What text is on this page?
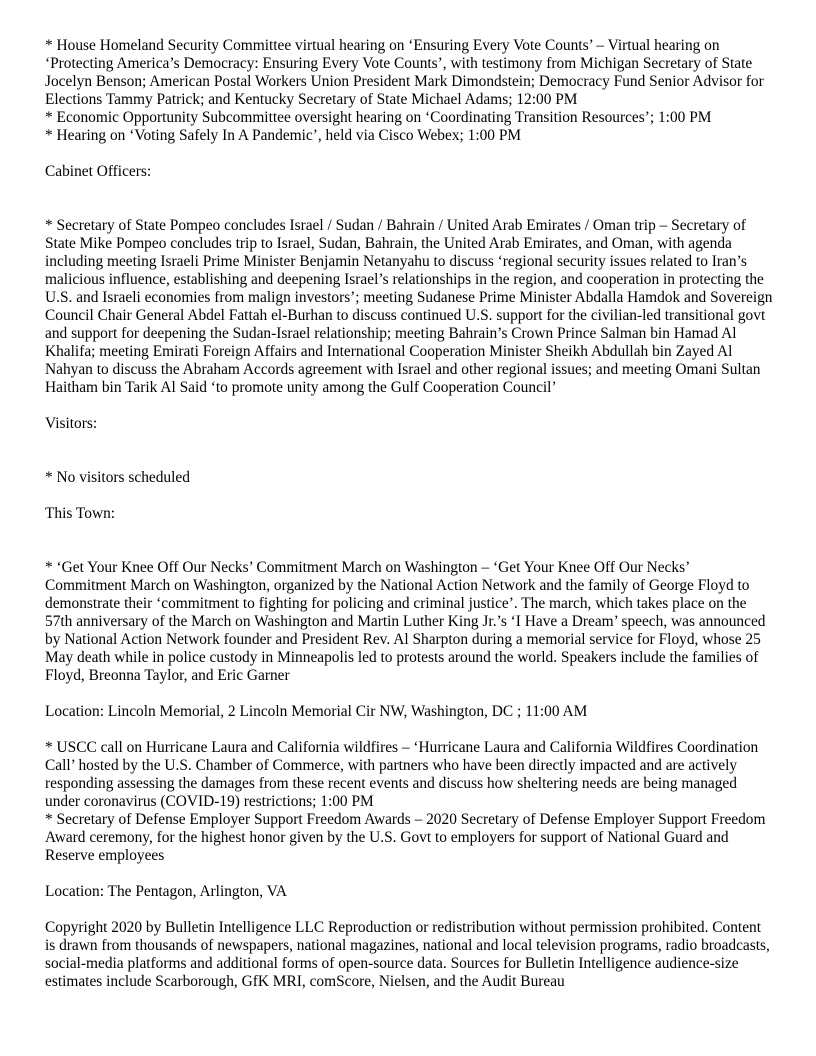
* House Homeland Security Committee virtual hearing on ‘Ensuring Every Vote Counts’ – Virtual hearing on ‘Protecting America’s Democracy: Ensuring Every Vote Counts’, with testimony from Michigan Secretary of State Jocelyn Benson; American Postal Workers Union President Mark Dimondstein; Democracy Fund Senior Advisor for Elections Tammy Patrick; and Kentucky Secretary of State Michael Adams; 12:00 PM

* Economic Opportunity Subcommittee oversight hearing on ‘Coordinating Transition Resources’; 1:00 PM

* Hearing on ‘Voting Safely In A Pandemic’, held via Cisco Webex; 1:00 PM

Cabinet Officers:

* Secretary of State Pompeo concludes Israel / Sudan / Bahrain / United Arab Emirates / Oman trip – Secretary of State Mike Pompeo concludes trip to Israel, Sudan, Bahrain, the United Arab Emirates, and Oman, with agenda including meeting Israeli Prime Minister Benjamin Netanyahu to discuss ‘regional security issues related to Iran’s malicious influence, establishing and deepening Israel’s relationships in the region, and cooperation in protecting the U.S. and Israeli economies from malign investors’; meeting Sudanese Prime Minister Abdalla Hamdok and Sovereign Council Chair General Abdel Fattah el-Burhan to discuss continued U.S. support for the civilian-led transitional govt and support for deepening the Sudan-Israel relationship; meeting Bahrain’s Crown Prince Salman bin Hamad Al Khalifa; meeting Emirati Foreign Affairs and International Cooperation Minister Sheikh Abdullah bin Zayed Al Nahyan to discuss the Abraham Accords agreement with Israel and other regional issues; and meeting Omani Sultan Haitham bin Tarik Al Said ‘to promote unity among the Gulf Cooperation Council’

Visitors:

* No visitors scheduled

This Town:

* ‘Get Your Knee Off Our Necks’ Commitment March on Washington – ‘Get Your Knee Off Our Necks’ Commitment March on Washington, organized by the National Action Network and the family of George Floyd to demonstrate their ‘commitment to fighting for policing and criminal justice’. The march, which takes place on the 57th anniversary of the March on Washington and Martin Luther King Jr.’s ‘I Have a Dream’ speech, was announced by National Action Network founder and President Rev. Al Sharpton during a memorial service for Floyd, whose 25 May death while in police custody in Minneapolis led to protests around the world. Speakers include the families of Floyd, Breonna Taylor, and Eric Garner

Location: Lincoln Memorial, 2 Lincoln Memorial Cir NW, Washington, DC ; 11:00 AM

* USCC call on Hurricane Laura and California wildfires – ‘Hurricane Laura and California Wildfires Coordination Call’ hosted by the U.S. Chamber of Commerce, with partners who have been directly impacted and are actively responding assessing the damages from these recent events and discuss how sheltering needs are being managed under coronavirus (COVID-19) restrictions; 1:00 PM

* Secretary of Defense Employer Support Freedom Awards – 2020 Secretary of Defense Employer Support Freedom Award ceremony, for the highest honor given by the U.S. Govt to employers for support of National Guard and Reserve employees

Location: The Pentagon, Arlington, VA

Copyright 2020 by Bulletin Intelligence LLC Reproduction or redistribution without permission prohibited. Content is drawn from thousands of newspapers, national magazines, national and local television programs, radio broadcasts, social-media platforms and additional forms of open-source data. Sources for Bulletin Intelligence audience-size estimates include Scarborough, GfK MRI, comScore, Nielsen, and the Audit Bureau
